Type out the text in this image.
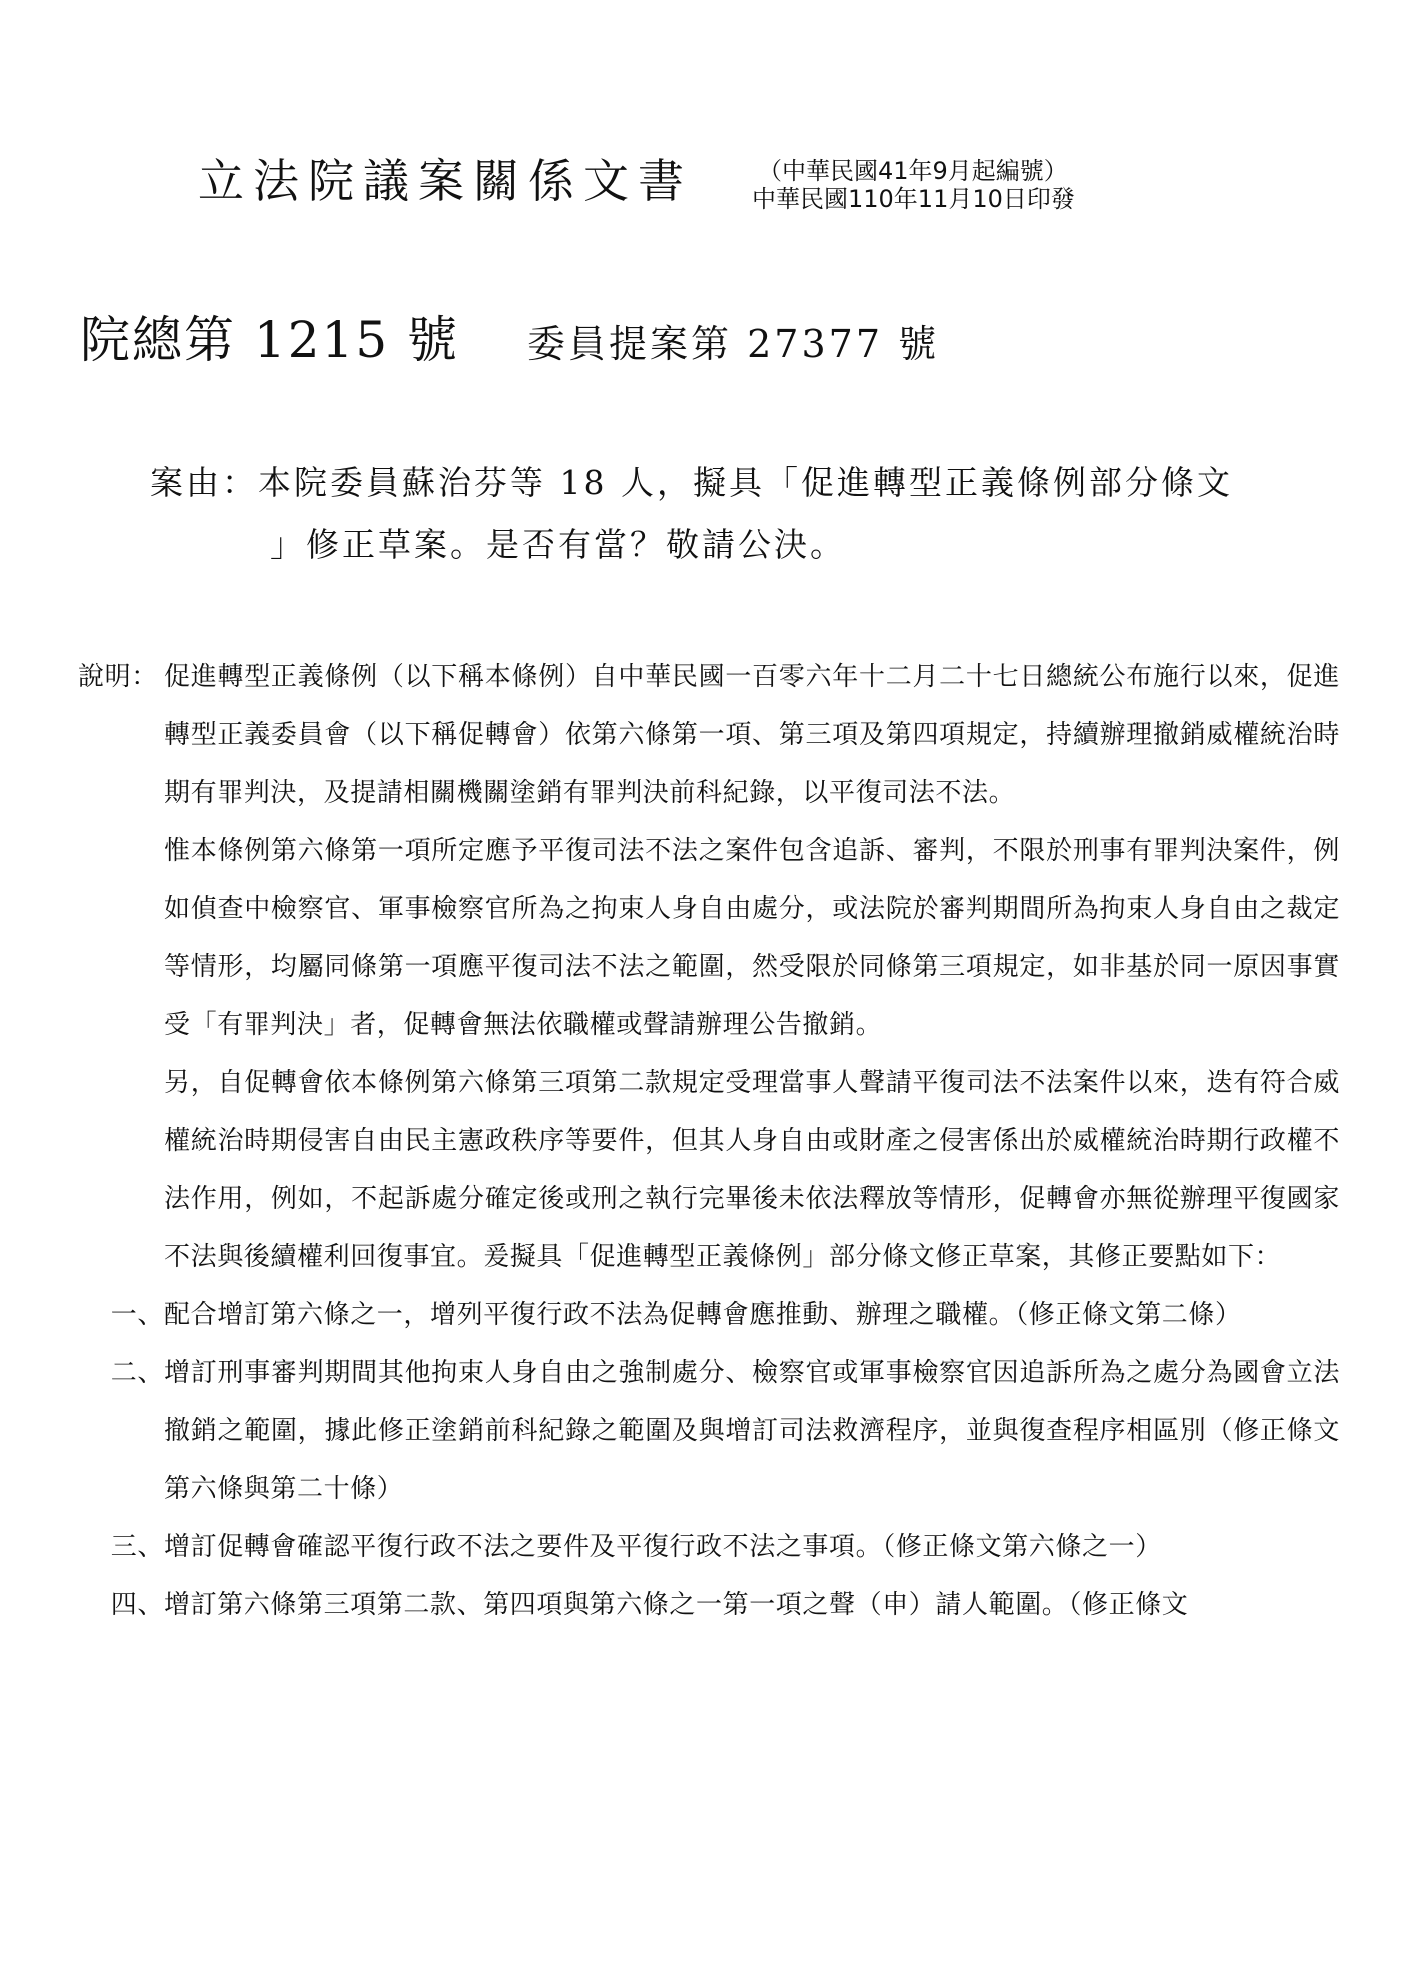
立法院議案關係文書	（中華民國41年9月起編號）
中華民國110年11月10日印發
院總第 1215 號 委員提案第 27377 號
案由：本院委員蘇治芬等 18 人，擬具「促進轉型正義條例部分條文
」修正草案。是否有當？敬請公決。
說明： 促進轉型正義條例（以下稱本條例）自中華民國一百零六年十二月二十七日總統公布施行以來，促進轉型正義委員會（以下稱促轉會）依第六條第一項、第三項及第四項規定，持續辦理撤銷威權統治時期有罪判決，及提請相關機關塗銷有罪判決前科紀錄，以平復司法不法。
惟本條例第六條第一項所定應予平復司法不法之案件包含追訴、審判，不限於刑事有罪判決案件，例如偵查中檢察官、軍事檢察官所為之拘束人身自由處分，或法院於審判期間所為拘束人身自由之裁定等情形，均屬同條第一項應平復司法不法之範圍，然受限於同條第三項規定，如非基於同一原因事實受「有罪判決」者，促轉會無法依職權或聲請辦理公告撤銷。
另，自促轉會依本條例第六條第三項第二款規定受理當事人聲請平復司法不法案件以來，迭有符合威權統治時期侵害自由民主憲政秩序等要件，但其人身自由或財產之侵害係出於威權統治時期行政權不法作用，例如，不起訴處分確定後或刑之執行完畢後未依法釋放等情形，促轉會亦無從辦理平復國家不法與後續權利回復事宜。爰擬具「促進轉型正義條例」部分條文修正草案，其修正要點如下：
一、 配合增訂第六條之一，增列平復行政不法為促轉會應推動、辦理之職權。（修正條文第二條）
二、 增訂刑事審判期間其他拘束人身自由之強制處分、檢察官或軍事檢察官因追訴所為之處分為國會立法撤銷之範圍，據此修正塗銷前科紀錄之範圍及與增訂司法救濟程序，並與復查程序相區別（修正條文第六條與第二十條）
三、 增訂促轉會確認平復行政不法之要件及平復行政不法之事項。（修正條文第六條之一）
四、 增訂第六條第三項第二款、第四項與第六條之一第一項之聲（申）請人範圍。（修正條文
